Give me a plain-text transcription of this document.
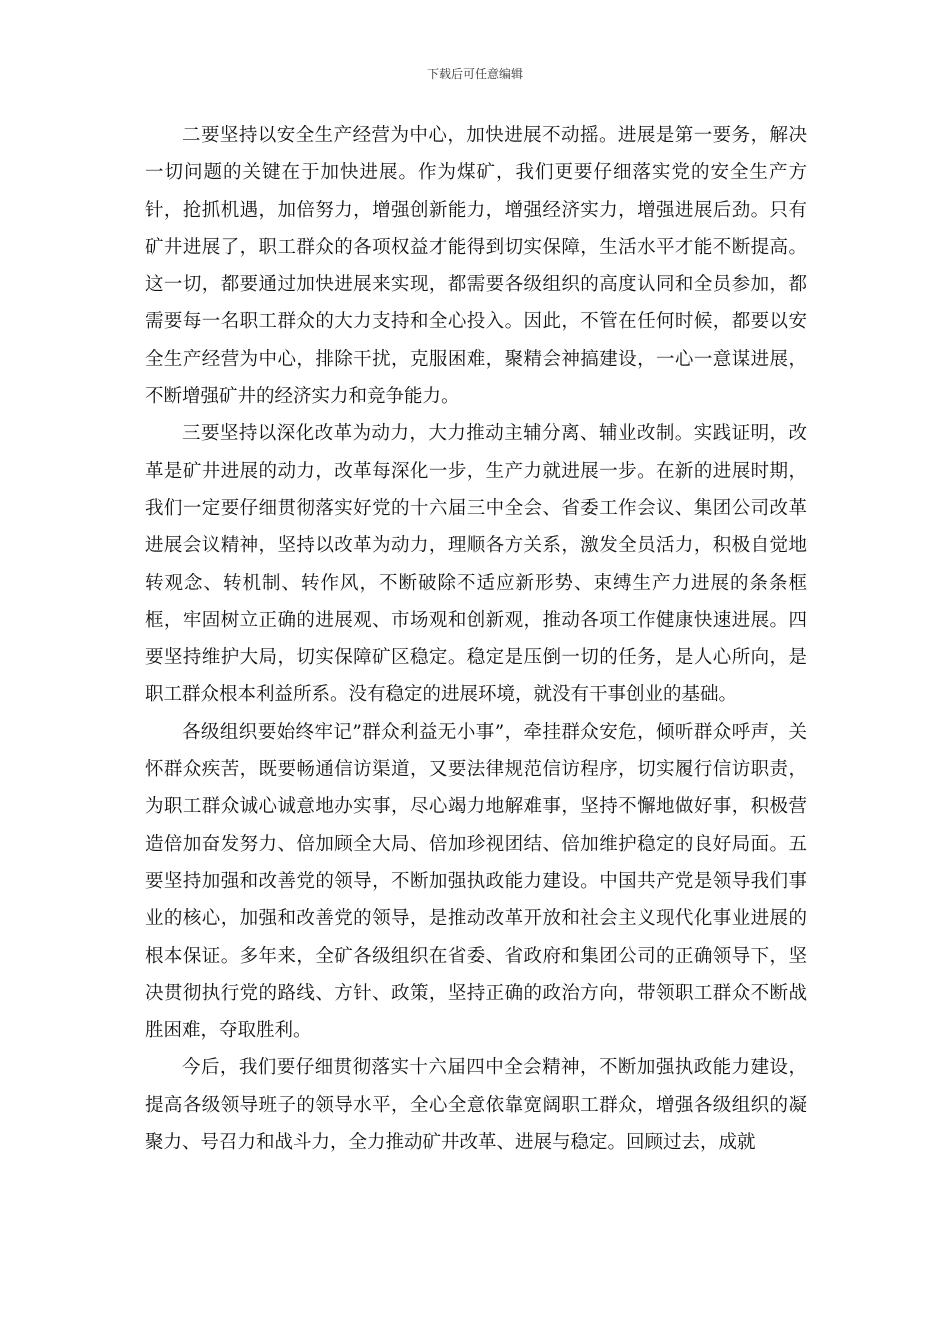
下载后可任意编辑

二要坚持以安全生产经营为中心，加快进展不动摇。进展是第一要务，解决一切问题的关键在于加快进展。作为煤矿，我们更要仔细落实党的安全生产方针，抢抓机遇，加倍努力，增强创新能力，增强经济实力，增强进展后劲。只有矿井进展了，职工群众的各项权益才能得到切实保障，生活水平才能不断提高。这一切，都要通过加快进展来实现，都需要各级组织的高度认同和全员参加，都需要每一名职工群众的大力支持和全心投入。因此，不管在任何时候，都要以安全生产经营为中心，排除干扰，克服困难，聚精会神搞建设，一心一意谋进展，不断增强矿井的经济实力和竞争能力。

三要坚持以深化改革为动力，大力推动主辅分离、辅业改制。实践证明，改革是矿井进展的动力，改革每深化一步，生产力就进展一步。在新的进展时期，我们一定要仔细贯彻落实好党的十六届三中全会、省委工作会议、集团公司改革进展会议精神，坚持以改革为动力，理顺各方关系，激发全员活力，积极自觉地转观念、转机制、转作风，不断破除不适应新形势、束缚生产力进展的条条框框，牢固树立正确的进展观、市场观和创新观，推动各项工作健康快速进展。四要坚持维护大局，切实保障矿区稳定。稳定是压倒一切的任务，是人心所向，是职工群众根本利益所系。没有稳定的进展环境，就没有干事创业的基础。

各级组织要始终牢记”群众利益无小事”，牵挂群众安危，倾听群众呼声，关怀群众疾苦，既要畅通信访渠道，又要法律规范信访程序，切实履行信访职责，为职工群众诚心诚意地办实事，尽心竭力地解难事，坚持不懈地做好事，积极营造倍加奋发努力、倍加顾全大局、倍加珍视团结、倍加维护稳定的良好局面。五要坚持加强和改善党的领导，不断加强执政能力建设。中国共产党是领导我们事业的核心，加强和改善党的领导，是推动改革开放和社会主义现代化事业进展的根本保证。多年来，全矿各级组织在省委、省政府和集团公司的正确领导下，坚决贯彻执行党的路线、方针、政策，坚持正确的政治方向，带领职工群众不断战胜困难，夺取胜利。

今后，我们要仔细贯彻落实十六届四中全会精神，不断加强执政能力建设，提高各级领导班子的领导水平，全心全意依靠宽阔职工群众，增强各级组织的凝聚力、号召力和战斗力，全力推动矿井改革、进展与稳定。回顾过去，成就
